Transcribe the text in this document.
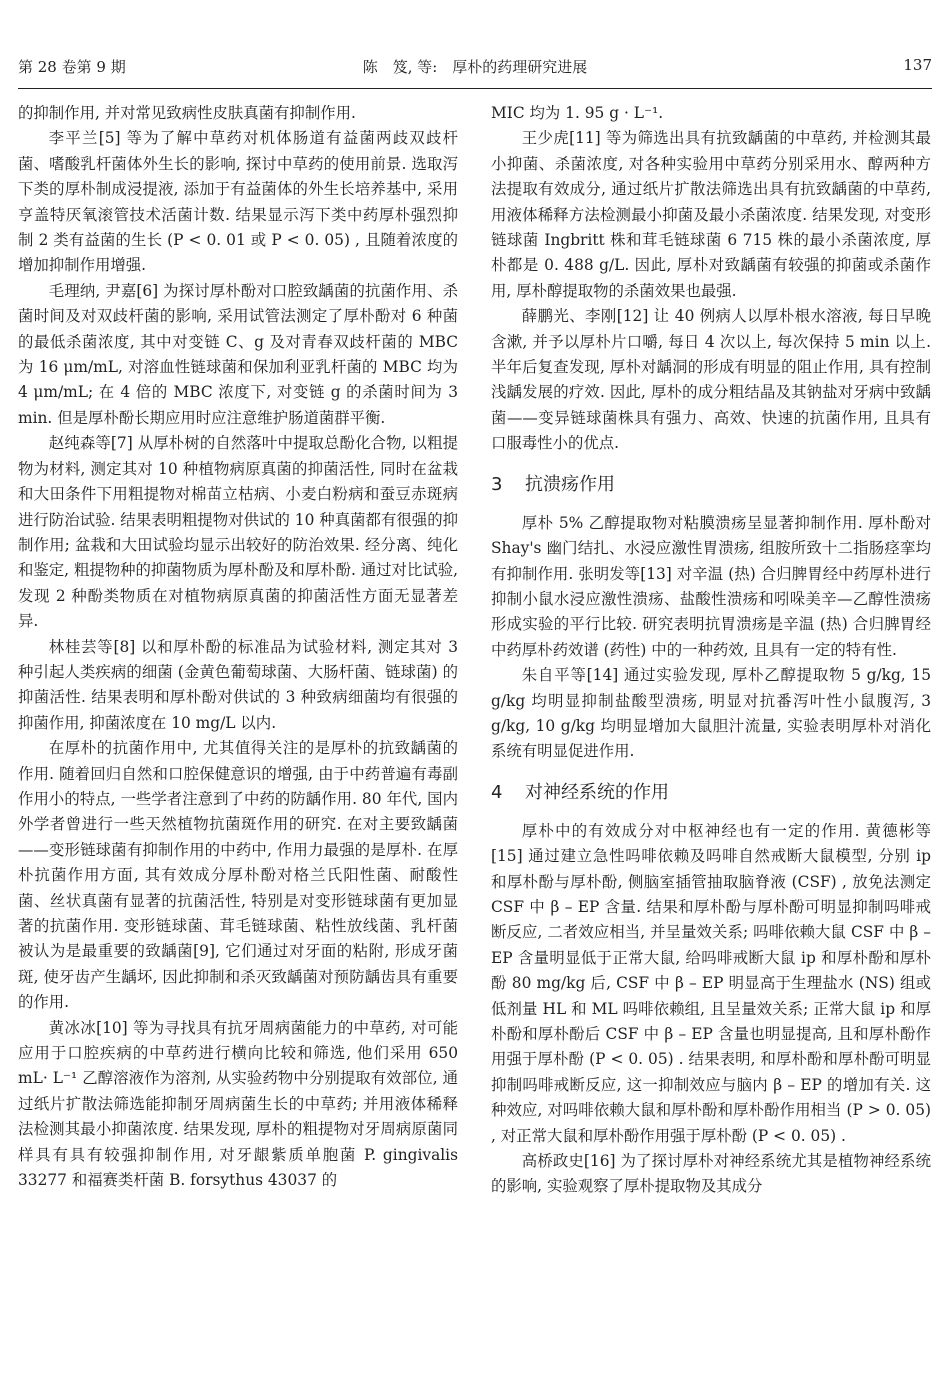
第 28 卷第 9 期	陈　笈, 等:　厚朴的药理研究进展	137

的抑制作用, 并对常见致病性皮肤真菌有抑制作用.

李平兰[5] 等为了解中草药对机体肠道有益菌两歧双歧杆菌、嗜酸乳杆菌体外生长的影响, 探讨中草药的使用前景. 选取泻下类的厚朴制成浸提液, 添加于有益菌体的外生长培养基中, 采用亨盖特厌氧滚管技术活菌计数. 结果显示泻下类中药厚朴强烈抑制 2 类有益菌的生长 (P < 0. 01 或 P < 0. 05) , 且随着浓度的增加抑制作用增强.

毛理纳, 尹嘉[6] 为探讨厚朴酚对口腔致龋菌的抗菌作用、杀菌时间及对双歧杆菌的影响, 采用试管法测定了厚朴酚对 6 种菌的最低杀菌浓度, 其中对变链 C、g 及对青春双歧杆菌的 MBC 为 16 μm/mL, 对溶血性链球菌和保加利亚乳杆菌的 MBC 均为 4 μm/mL; 在 4 倍的 MBC 浓度下, 对变链 g 的杀菌时间为 3 min. 但是厚朴酚长期应用时应注意维护肠道菌群平衡.

赵纯森等[7] 从厚朴树的自然落叶中提取总酚化合物, 以粗提物为材料, 测定其对 10 种植物病原真菌的抑菌活性, 同时在盆栽和大田条件下用粗提物对棉苗立枯病、小麦白粉病和蚕豆赤斑病进行防治试验. 结果表明粗提物对供试的 10 种真菌都有很强的抑制作用; 盆栽和大田试验均显示出较好的防治效果. 经分离、纯化和鉴定, 粗提物种的抑菌物质为厚朴酚及和厚朴酚. 通过对比试验, 发现 2 种酚类物质在对植物病原真菌的抑菌活性方面无显著差异.

林桂芸等[8] 以和厚朴酚的标准品为试验材料, 测定其对 3 种引起人类疾病的细菌 (金黄色葡萄球菌、大肠杆菌、链球菌) 的抑菌活性. 结果表明和厚朴酚对供试的 3 种致病细菌均有很强的抑菌作用, 抑菌浓度在 10 mg/L 以内.

在厚朴的抗菌作用中, 尤其值得关注的是厚朴的抗致龋菌的作用. 随着回归自然和口腔保健意识的增强, 由于中药普遍有毒副作用小的特点, 一些学者注意到了中药的防龋作用. 80 年代, 国内外学者曾进行一些天然植物抗菌斑作用的研究. 在对主要致龋菌——变形链球菌有抑制作用的中药中, 作用力最强的是厚朴. 在厚朴抗菌作用方面, 其有效成分厚朴酚对格兰氏阳性菌、耐酸性菌、丝状真菌有显著的抗菌活性, 特别是对变形链球菌有更加显著的抗菌作用. 变形链球菌、茸毛链球菌、粘性放线菌、乳杆菌被认为是最重要的致龋菌[9], 它们通过对牙面的粘附, 形成牙菌斑, 使牙齿产生龋坏, 因此抑制和杀灭致龋菌对预防龋齿具有重要的作用.

黄冰冰[10] 等为寻找具有抗牙周病菌能力的中草药, 对可能应用于口腔疾病的中草药进行横向比较和筛选, 他们采用 650 mL· L⁻¹ 乙醇溶液作为溶剂, 从实验药物中分别提取有效部位, 通过纸片扩散法筛选能抑制牙周病菌生长的中草药; 并用液体稀释法检测其最小抑菌浓度. 结果发现, 厚朴的粗提物对牙周病原菌同样具有具有较强抑制作用, 对牙龈紫质单胞菌 P. gingivalis 33277 和福赛类杆菌 B. forsythus 43037 的

MIC 均为 1. 95 g · L⁻¹.

王少虎[11] 等为筛选出具有抗致龋菌的中草药, 并检测其最小抑菌、杀菌浓度, 对各种实验用中草药分别采用水、醇两种方法提取有效成分, 通过纸片扩散法筛选出具有抗致龋菌的中草药, 用液体稀释方法检测最小抑菌及最小杀菌浓度. 结果发现, 对变形链球菌 Ingbritt 株和茸毛链球菌 6 715 株的最小杀菌浓度, 厚朴都是 0. 488 g/L. 因此, 厚朴对致龋菌有较强的抑菌或杀菌作用, 厚朴醇提取物的杀菌效果也最强.

薛鹏光、李刚[12] 让 40 例病人以厚朴根水溶液, 每日早晚含漱, 并予以厚朴片口嚼, 每日 4 次以上, 每次保持 5 min 以上. 半年后复查发现, 厚朴对龋洞的形成有明显的阻止作用, 具有控制浅龋发展的疗效. 因此, 厚朴的成分粗结晶及其钠盐对牙病中致龋菌——变异链球菌株具有强力、高效、快速的抗菌作用, 且具有口服毒性小的优点.

3 抗溃疡作用

厚朴 5% 乙醇提取物对粘膜溃疡呈显著抑制作用. 厚朴酚对 Shay's 幽门结扎、水浸应激性胃溃疡, 组胺所致十二指肠痉挛均有抑制作用. 张明发等[13] 对辛温 (热) 合归脾胃经中药厚朴进行抑制小鼠水浸应激性溃疡、盐酸性溃疡和吲哚美辛—乙醇性溃疡形成实验的平行比较. 研究表明抗胃溃疡是辛温 (热) 合归脾胃经中药厚朴药效谱 (药性) 中的一种药效, 且具有一定的特有性.

朱自平等[14] 通过实验发现, 厚朴乙醇提取物 5 g/kg, 15 g/kg 均明显抑制盐酸型溃疡, 明显对抗番泻叶性小鼠腹泻, 3 g/kg, 10 g/kg 均明显增加大鼠胆汁流量, 实验表明厚朴对消化系统有明显促进作用.

4 对神经系统的作用

厚朴中的有效成分对中枢神经也有一定的作用. 黄德彬等[15] 通过建立急性吗啡依赖及吗啡自然戒断大鼠模型, 分别 ip 和厚朴酚与厚朴酚, 侧脑室插管抽取脑脊液 (CSF) , 放免法测定 CSF 中 β – EP 含量. 结果和厚朴酚与厚朴酚可明显抑制吗啡戒断反应, 二者效应相当, 并呈量效关系; 吗啡依赖大鼠 CSF 中 β – EP 含量明显低于正常大鼠, 给吗啡戒断大鼠 ip 和厚朴酚和厚朴酚 80 mg/kg 后, CSF 中 β – EP 明显高于生理盐水 (NS) 组或低剂量 HL 和 ML 吗啡依赖组, 且呈量效关系; 正常大鼠 ip 和厚朴酚和厚朴酚后 CSF 中 β – EP 含量也明显提高, 且和厚朴酚作用强于厚朴酚 (P < 0. 05) . 结果表明, 和厚朴酚和厚朴酚可明显抑制吗啡戒断反应, 这一抑制效应与脑内 β – EP 的增加有关. 这种效应, 对吗啡依赖大鼠和厚朴酚和厚朴酚作用相当 (P > 0. 05) , 对正常大鼠和厚朴酚作用强于厚朴酚 (P < 0. 05) .

高桥政史[16] 为了探讨厚朴对神经系统尤其是植物神经系统的影响, 实验观察了厚朴提取物及其成分
